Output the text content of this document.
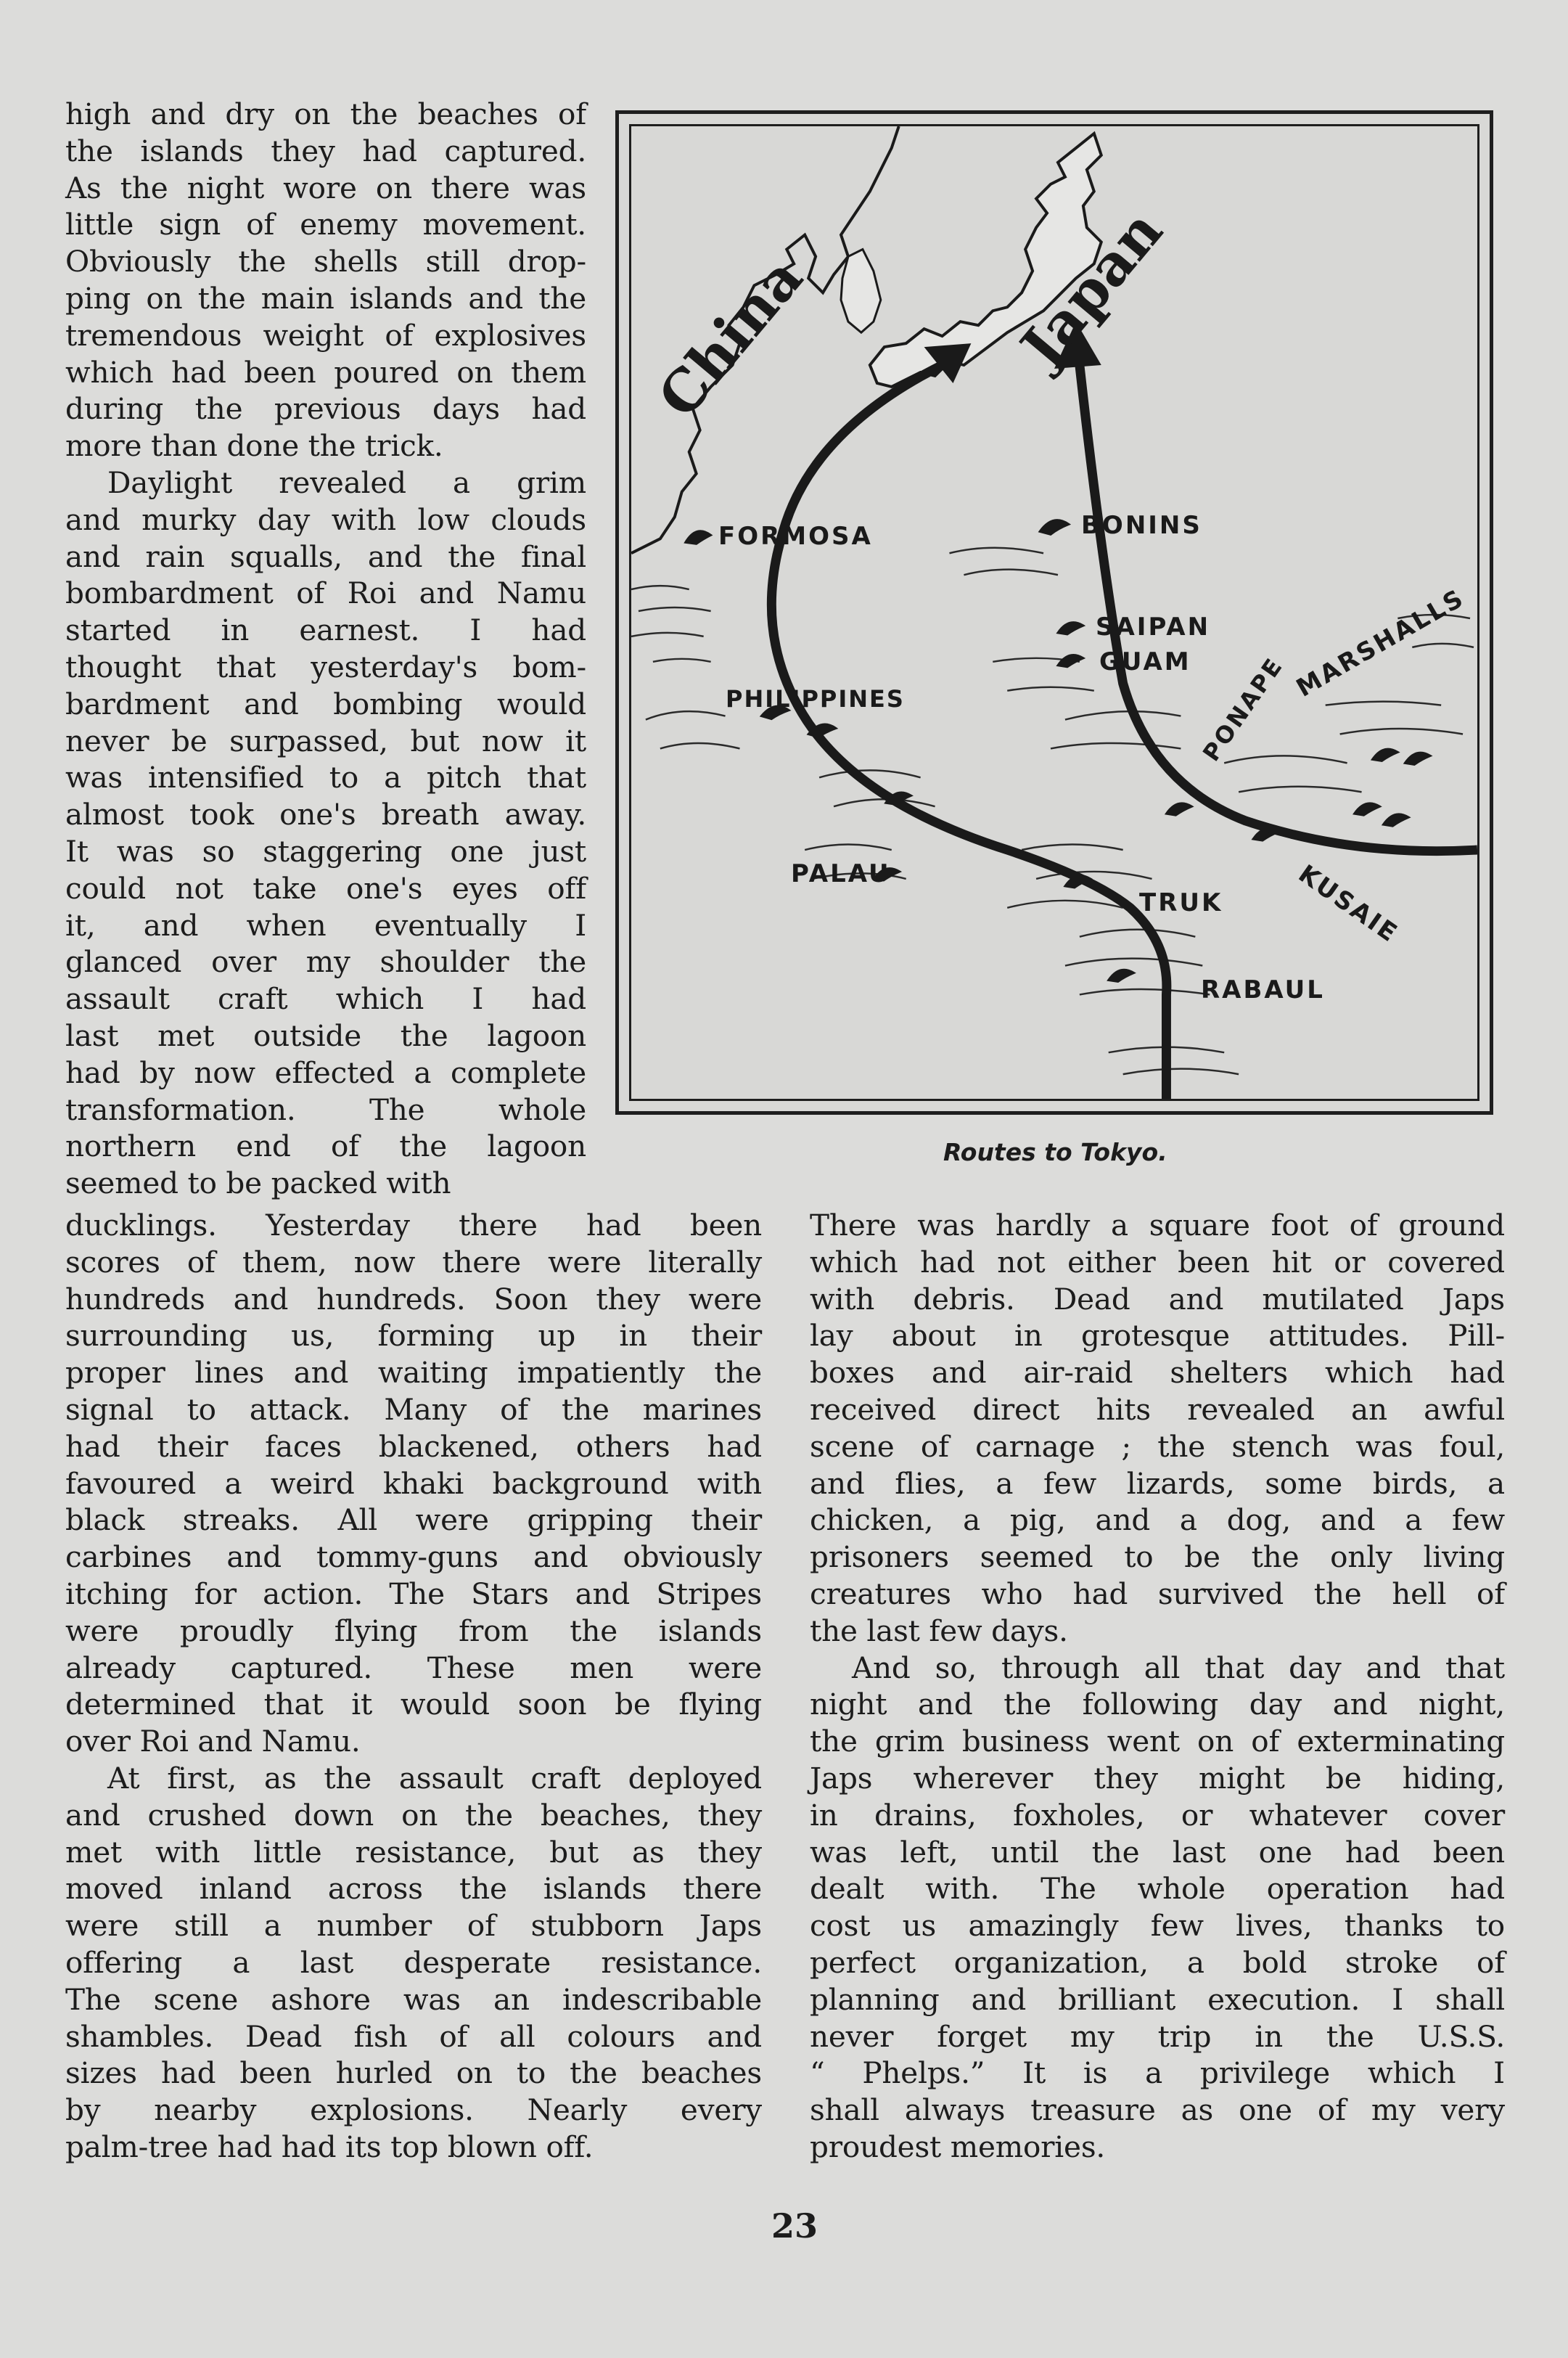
high and dry on the beaches of
the islands they had captured.
As the night wore on there was
little sign of enemy movement.
Obviously the shells still drop-
ping on the main islands and the
tremendous weight of explosives
which had been poured on them
during the previous days had
more than done the trick.
Daylight revealed a grim
and murky day with low clouds
and rain squalls, and the final
bombardment of Roi and Namu
started in earnest. I had
thought that yesterday's bom-
bardment and bombing would
never be surpassed, but now it
was intensified to a pitch that
almost took one's breath away.
It was so staggering one just
could not take one's eyes off
it, and when eventually I
glanced over my shoulder the
assault craft which I had
last met outside the lagoon
had by now effected a complete
transformation. The whole
northern end of the lagoon
seemed to be packed with
ducklings. Yesterday there had been
scores of them, now there were literally
hundreds and hundreds. Soon they were
surrounding us, forming up in their
proper lines and waiting impatiently the
signal to attack. Many of the marines
had their faces blackened, others had
favoured a weird khaki background with
black streaks. All were gripping their
carbines and tommy-guns and obviously
itching for action. The Stars and Stripes
were proudly flying from the islands
already captured. These men were
determined that it would soon be flying
over Roi and Namu.
At first, as the assault craft deployed
and crushed down on the beaches, they
met with little resistance, but as they
moved inland across the islands there
were still a number of stubborn Japs
offering a last desperate resistance.
The scene ashore was an indescribable
shambles. Dead fish of all colours and
sizes had been hurled on to the beaches
by nearby explosions. Nearly every
palm-tree had had its top blown off.
There was hardly a square foot of ground
which had not either been hit or covered
with debris. Dead and mutilated Japs
lay about in grotesque attitudes. Pill-
boxes and air-raid shelters which had
received direct hits revealed an awful
scene of carnage ; the stench was foul,
and flies, a few lizards, some birds, a
chicken, a pig, and a dog, and a few
prisoners seemed to be the only living
creatures who had survived the hell of
the last few days.
And so, through all that day and that
night and the following day and night,
the grim business went on of exterminating
Japs wherever they might be hiding,
in drains, foxholes, or whatever cover
was left, until the last one had been
dealt with. The whole operation had
cost us amazingly few lives, thanks to
perfect organization, a bold stroke of
planning and brilliant execution. I shall
never forget my trip in the U.S.S.
“ Phelps.” It is a privilege which I
shall always treasure as one of my very
proudest memories.
China	Japan
FORMOSA	BONINS
SAIPAN
GUAM
PHILIPPINES	PONAPE
MARSHALLS
PALAU
TRUK	KUSAIE
RABAUL
Routes to Tokyo.
23
